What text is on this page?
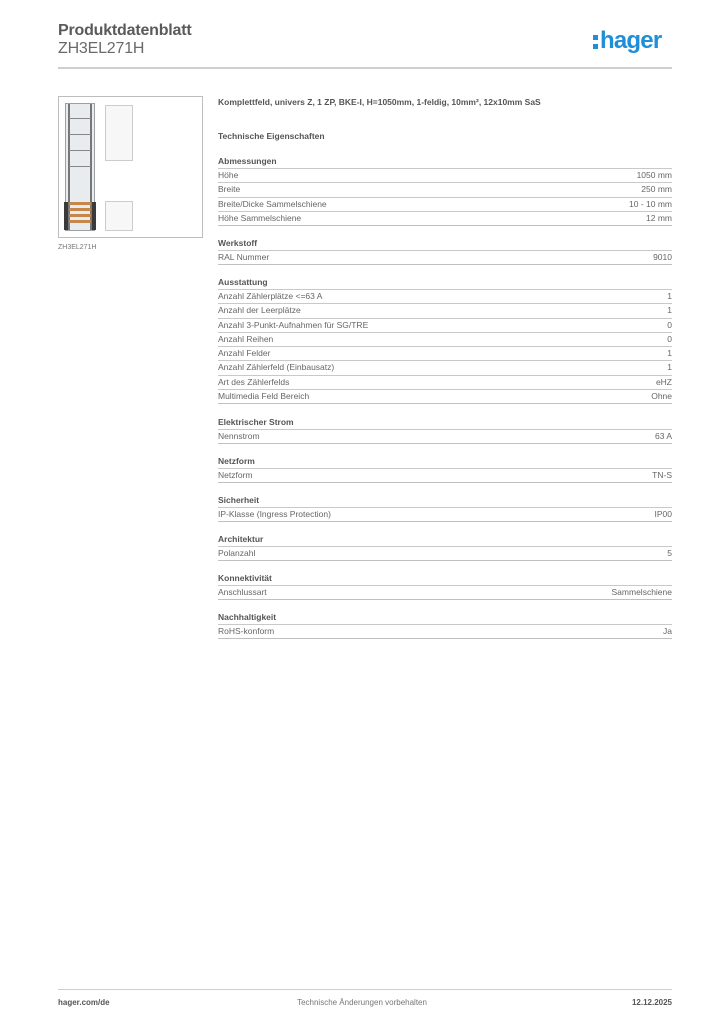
Produktdatenblatt
ZH3EL271H	hager
ZH3EL271H
Komplettfeld, univers Z, 1 ZP, BKE-I, H=1050mm, 1-feldig, 10mm², 12x10mm SaS
Technische Eigenschaften
Abmessungen
Höhe	1050 mm
Breite	250 mm
Breite/Dicke Sammelschiene	10 - 10 mm
Höhe Sammelschiene	12 mm
Werkstoff
RAL Nummer	9010
Ausstattung
Anzahl Zählerplätze <=63 A	1
Anzahl der Leerplätze	1
Anzahl 3-Punkt-Aufnahmen für SG/TRE	0
Anzahl Reihen	0
Anzahl Felder	1
Anzahl Zählerfeld (Einbausatz)	1
Art des Zählerfelds	eHZ
Multimedia Feld Bereich	Ohne
Elektrischer Strom
Nennstrom	63 A
Netzform
Netzform	TN-S
Sicherheit
IP-Klasse (Ingress Protection)	IP00
Architektur
Polanzahl	5
Konnektivität
Anschlussart	Sammelschiene
Nachhaltigkeit
RoHS-konform	Ja
hager.com/de	Technische Änderungen vorbehalten	12.12.2025
